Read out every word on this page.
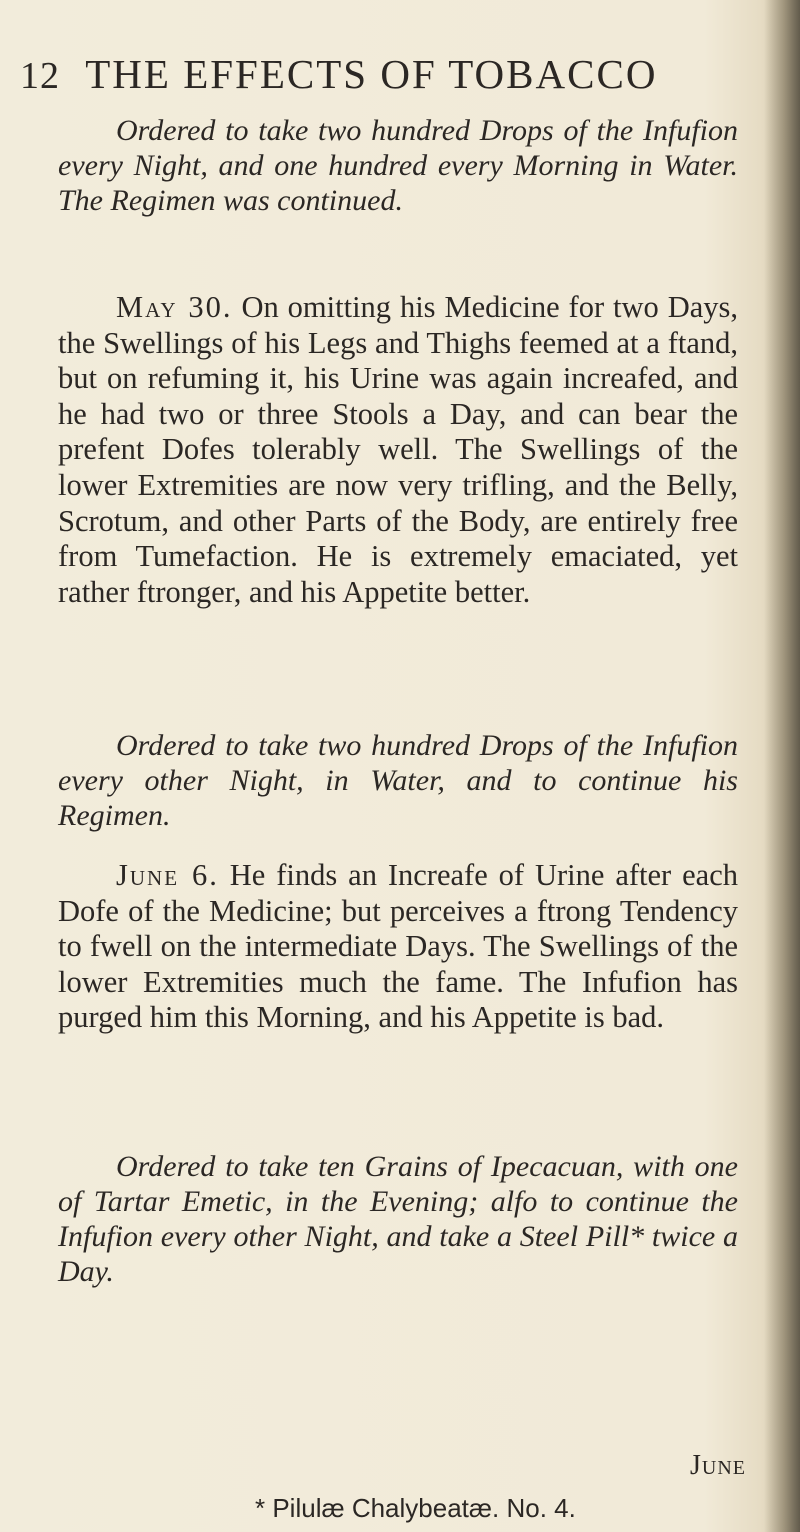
12 THE EFFECTS OF TOBACCO

Ordered to take two hundred Drops of the Infufion every Night, and one hundred every Morning in Water. The Regimen was continued.

May 30. On omitting his Medicine for two Days, the Swellings of his Legs and Thighs feemed at a ftand, but on refuming it, his Urine was again increafed, and he had two or three Stools a Day, and can bear the prefent Dofes tolerably well. The Swellings of the lower Extremities are now very trifling, and the Belly, Scrotum, and other Parts of the Body, are entirely free from Tumefaction. He is extremely emaciated, yet rather ftronger, and his Appetite better.

Ordered to take two hundred Drops of the Infufion every other Night, in Water, and to continue his Regimen.

June 6. He finds an Increafe of Urine after each Dofe of the Medicine; but perceives a ftrong Tendency to fwell on the intermediate Days. The Swellings of the lower Extremities much the fame. The Infufion has purged him this Morning, and his Appetite is bad.

Ordered to take ten Grains of Ipecacuan, with one of Tartar Emetic, in the Evening; alfo to continue the Infufion every other Night, and take a Steel Pill* twice a Day.

June
* Pilulæ Chalybeatæ. No. 4.
